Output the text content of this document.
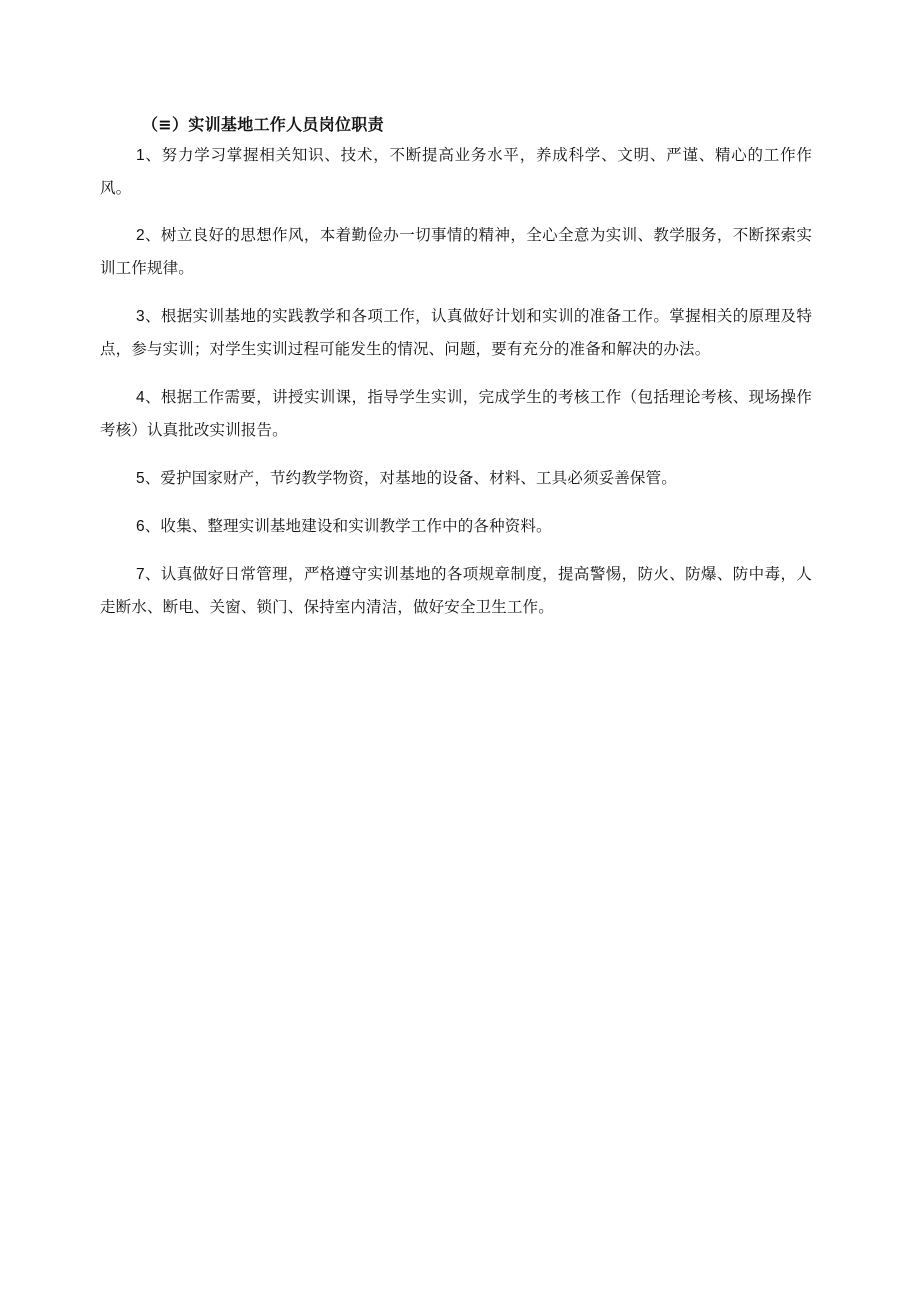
（≡）实训基地工作人员岗位职责

1、努力学习掌握相关知识、技术，不断提高业务水平，养成科学、文明、严谨、精心的工作作风。

2、树立良好的思想作风，本着勤俭办一切事情的精神，全心全意为实训、教学服务，不断探索实训工作规律。

3、根据实训基地的实践教学和各项工作，认真做好计划和实训的准备工作。掌握相关的原理及特点，参与实训；对学生实训过程可能发生的情况、问题，要有充分的准备和解决的办法。

4、根据工作需要，讲授实训课，指导学生实训，完成学生的考核工作（包括理论考核、现场操作考核）认真批改实训报告。

5、爱护国家财产，节约教学物资，对基地的设备、材料、工具必须妥善保管。

6、收集、整理实训基地建设和实训教学工作中的各种资料。

7、认真做好日常管理，严格遵守实训基地的各项规章制度，提高警惕，防火、防爆、防中毒，人走断水、断电、关窗、锁门、保持室内清洁，做好安全卫生工作。
